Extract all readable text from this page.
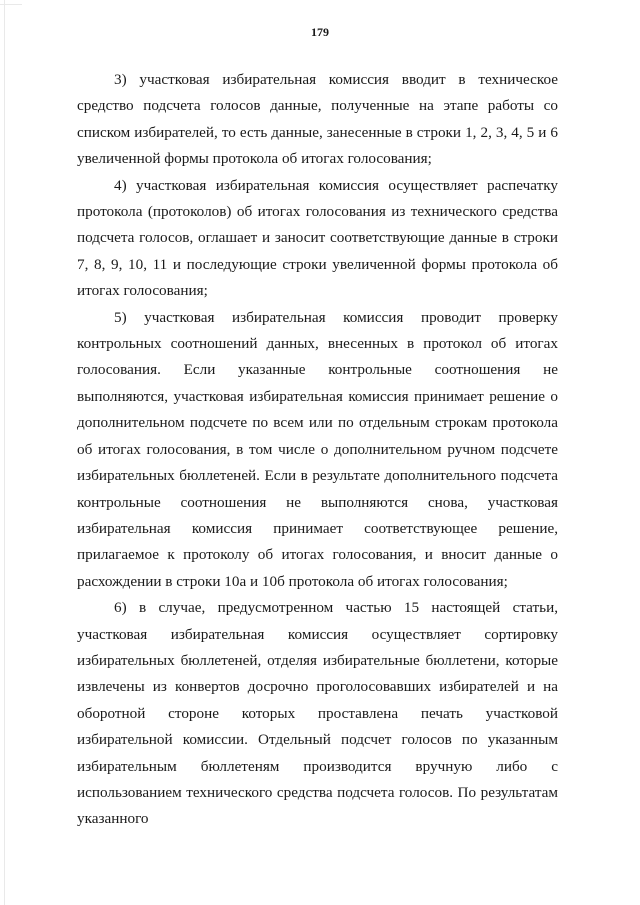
179

3) участковая избирательная комиссия вводит в техническое средство подсчета голосов данные, полученные на этапе работы со списком избирателей, то есть данные, занесенные в строки 1, 2, 3, 4, 5 и 6 увеличенной формы протокола об итогах голосования;

4) участковая избирательная комиссия осуществляет распечатку протокола (протоколов) об итогах голосования из технического средства подсчета голосов, оглашает и заносит соответствующие данные в строки 7, 8, 9, 10, 11 и последующие строки увеличенной формы протокола об итогах голосования;

5) участковая избирательная комиссия проводит проверку контрольных соотношений данных, внесенных в протокол об итогах голосования. Если указанные контрольные соотношения не выполняются, участковая избирательная комиссия принимает решение о дополнительном подсчете по всем или по отдельным строкам протокола об итогах голосования, в том числе о дополнительном ручном подсчете избирательных бюллетеней. Если в результате дополнительного подсчета контрольные соотношения не выполняются снова, участковая избирательная комиссия принимает соответствующее решение, прилагаемое к протоколу об итогах голосования, и вносит данные о расхождении в строки 10а и 10б протокола об итогах голосования;

6) в случае, предусмотренном частью 15 настоящей статьи, участковая избирательная комиссия осуществляет сортировку избирательных бюллетеней, отделяя избирательные бюллетени, которые извлечены из конвертов досрочно проголосовавших избирателей и на оборотной стороне которых проставлена печать участковой избирательной комиссии. Отдельный подсчет голосов по указанным избирательным бюллетеням производится вручную либо с использованием технического средства подсчета голосов. По результатам указанного
